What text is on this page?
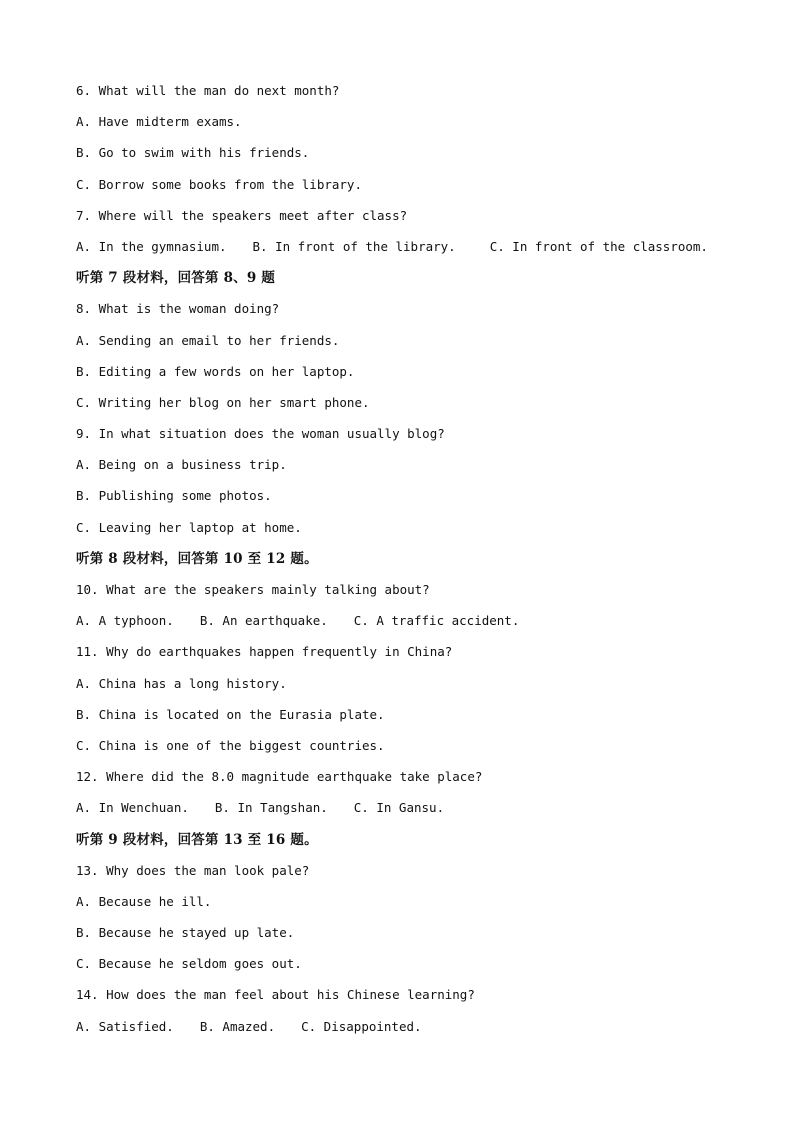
6. What will the man do next month?
A. Have midterm exams.
B. Go to swim with his friends.
C. Borrow some books from the library.
7. Where will the speakers meet after class?
A. In the gymnasium. B. In front of the library.	C. In front of the classroom.
听第 7 段材料，回答第 8、9 题
8. What is the woman doing?
A. Sending an email to her friends.
B. Editing a few words on her laptop.
C. Writing her blog on her smart phone.
9. In what situation does the woman usually blog?
A. Being on a business trip.
B. Publishing some photos.
C. Leaving her laptop at home.
听第 8 段材料，回答第 10 至 12 题。
10. What are the speakers mainly talking about?
A. A typhoon. B. An earthquake. C. A traffic accident.
11. Why do earthquakes happen frequently in China?
A. China has a long history.
B. China is located on the Eurasia plate.
C. China is one of the biggest countries.
12. Where did the 8.0 magnitude earthquake take place?
A. In Wenchuan. B. In Tangshan. C. In Gansu.
听第 9 段材料，回答第 13 至 16 题。
13. Why does the man look pale?
A. Because he ill.
B. Because he stayed up late.
C. Because he seldom goes out.
14. How does the man feel about his Chinese learning?
A. Satisfied. B. Amazed. C. Disappointed.
